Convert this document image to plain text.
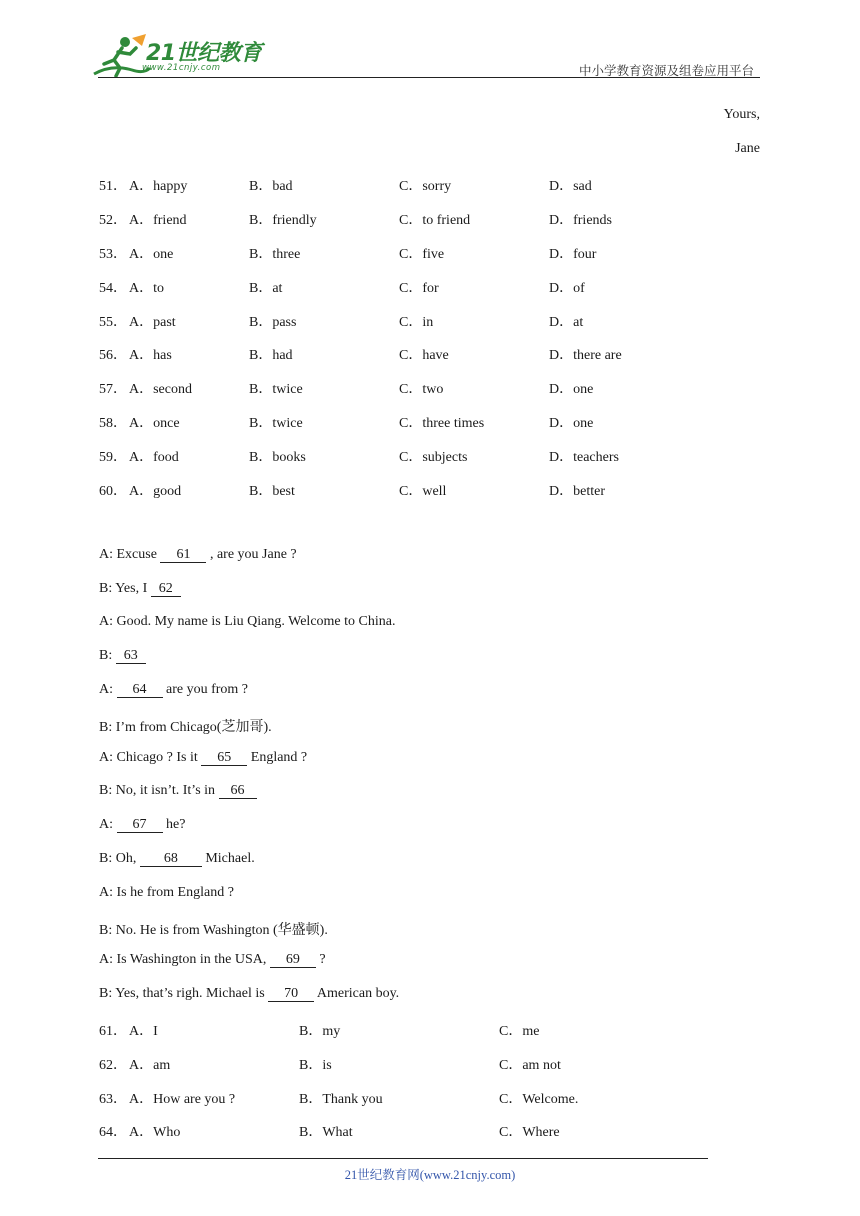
21世纪教育
www.21cnjy.com	中小学教育资源及组卷应用平台
Yours,
Jane
51． A．happy	B．bad	C．sorry	D．sad
52． A．friend	B．friendly	C．to friend	D．friends
53． A．one	B．three	C．five	D．four
54． A．to	B．at	C．for	D．of
55． A．past	B．pass	C．in	D．at
56． A．has	B．had	C．have	D．there are
57． A．second	B．twice	C．two	D．one
58． A．once	B．twice	C．three times	D．one
59． A．food	B．books	C．subjects	D．teachers
60． A．good	B．best	C．well	D．better
A: Excuse 61 , are you Jane ?
B: Yes, I 62
A: Good. My name is Liu Qiang. Welcome to China.
B: 63
A: 64 are you from ?
B: I’m from Chicago(芝加哥).
A: Chicago ? Is it 65 England ?
B: No, it isn’t. It’s in 66
A: 67 he?
B: Oh, 68 Michael.
A: Is he from England ?
B: No. He is from Washington (华盛顿).
A: Is Washington in the USA, 69 ?
B: Yes, that’s righ. Michael is 70 American boy.
61． A．I	B．my	C．me
62． A．am	B．is	C．am not
63． A．How are you ?	B．Thank you	C．Welcome.
64． A．Who	B．What	C．Where
21世纪教育网(www.21cnjy.com)
